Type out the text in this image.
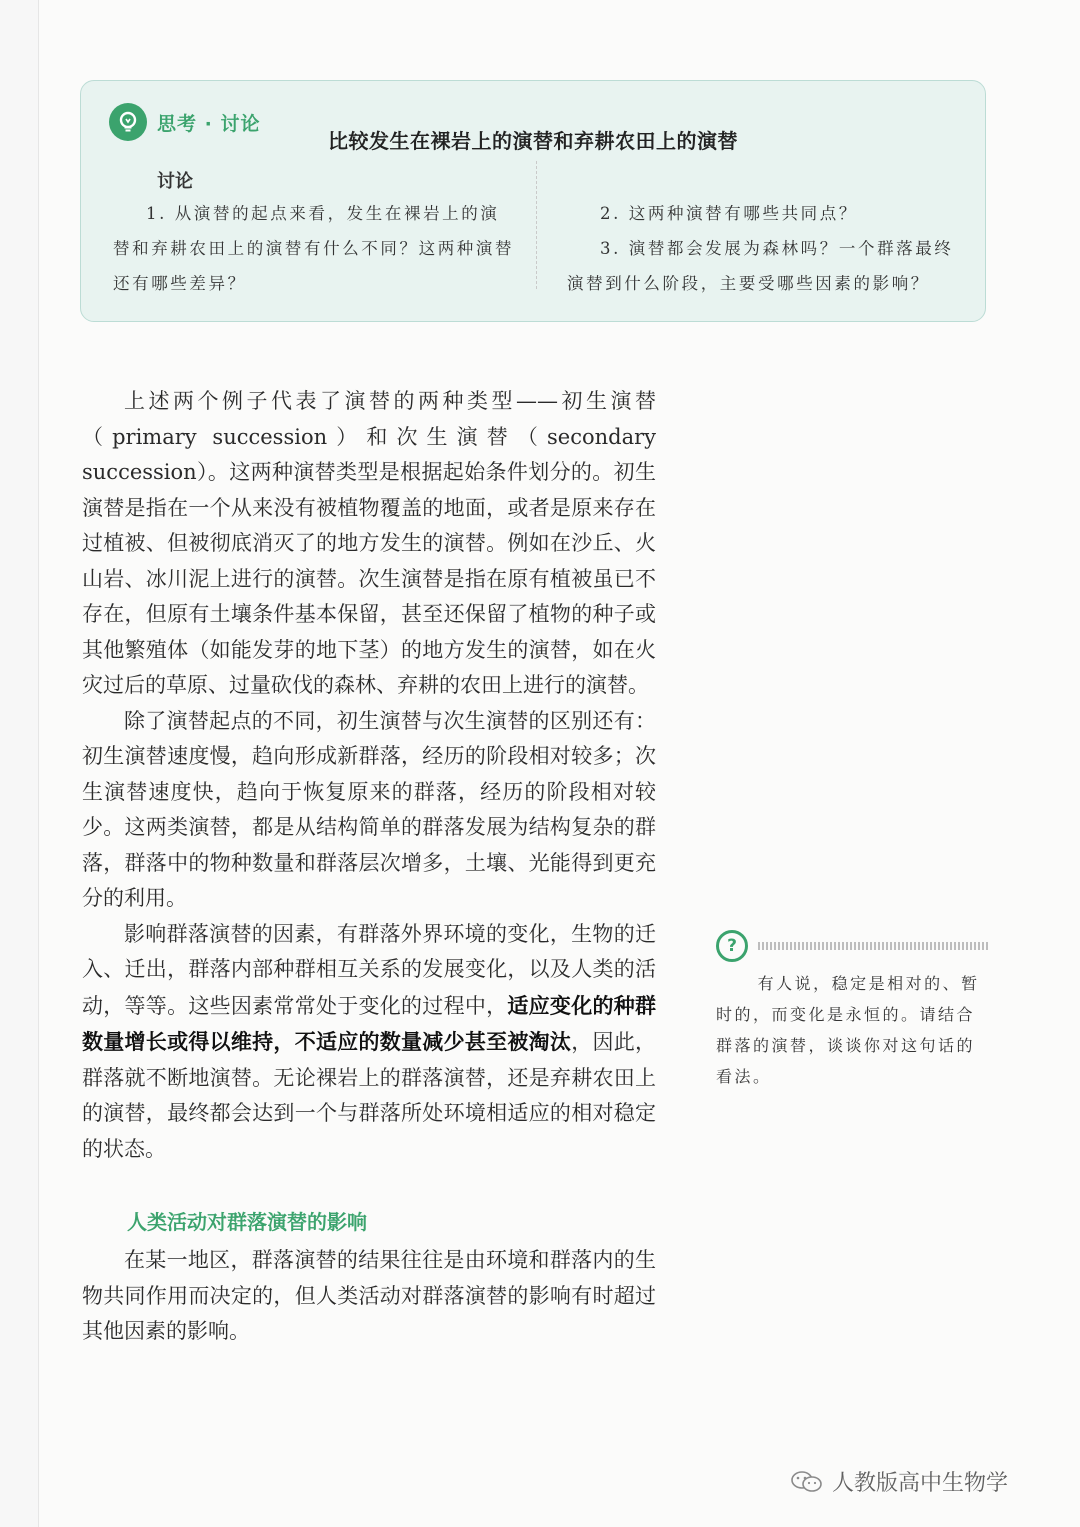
思考 · 讨论
比较发生在裸岩上的演替和弃耕农田上的演替
讨论

1. 从演替的起点来看，发生在裸岩上的演替和弃耕农田上的演替有什么不同？这两种演替还有哪些差异？

2. 这两种演替有哪些共同点？

3. 演替都会发展为森林吗？一个群落最终演替到什么阶段，主要受哪些因素的影响？

上述两个例子代表了演替的两种类型——初生演替（primary succession）和次生演替（secondary succession）。这两种演替类型是根据起始条件划分的。初生演替是指在一个从来没有被植物覆盖的地面，或者是原来存在过植被、但被彻底消灭了的地方发生的演替。例如在沙丘、火山岩、冰川泥上进行的演替。次生演替是指在原有植被虽已不存在，但原有土壤条件基本保留，甚至还保留了植物的种子或其他繁殖体（如能发芽的地下茎）的地方发生的演替，如在火灾过后的草原、过量砍伐的森林、弃耕的农田上进行的演替。

除了演替起点的不同，初生演替与次生演替的区别还有：初生演替速度慢，趋向形成新群落，经历的阶段相对较多；次生演替速度快，趋向于恢复原来的群落，经历的阶段相对较少。这两类演替，都是从结构简单的群落发展为结构复杂的群落，群落中的物种数量和群落层次增多，土壤、光能得到更充分的利用。

影响群落演替的因素，有群落外界环境的变化，生物的迁入、迁出，群落内部种群相互关系的发展变化，以及人类的活动，等等。这些因素常常处于变化的过程中，适应变化的种群数量增长或得以维持，不适应的数量减少甚至被淘汰，因此，群落就不断地演替。无论裸岩上的群落演替，还是弃耕农田上的演替，最终都会达到一个与群落所处环境相适应的相对稳定的状态。

人类活动对群落演替的影响

在某一地区，群落演替的结果往往是由环境和群落内的生物共同作用而决定的，但人类活动对群落演替的影响有时超过其他因素的影响。

?
有人说，稳定是相对的、暂时的，而变化是永恒的。请结合群落的演替，谈谈你对这句话的看法。
人教版高中生物学
